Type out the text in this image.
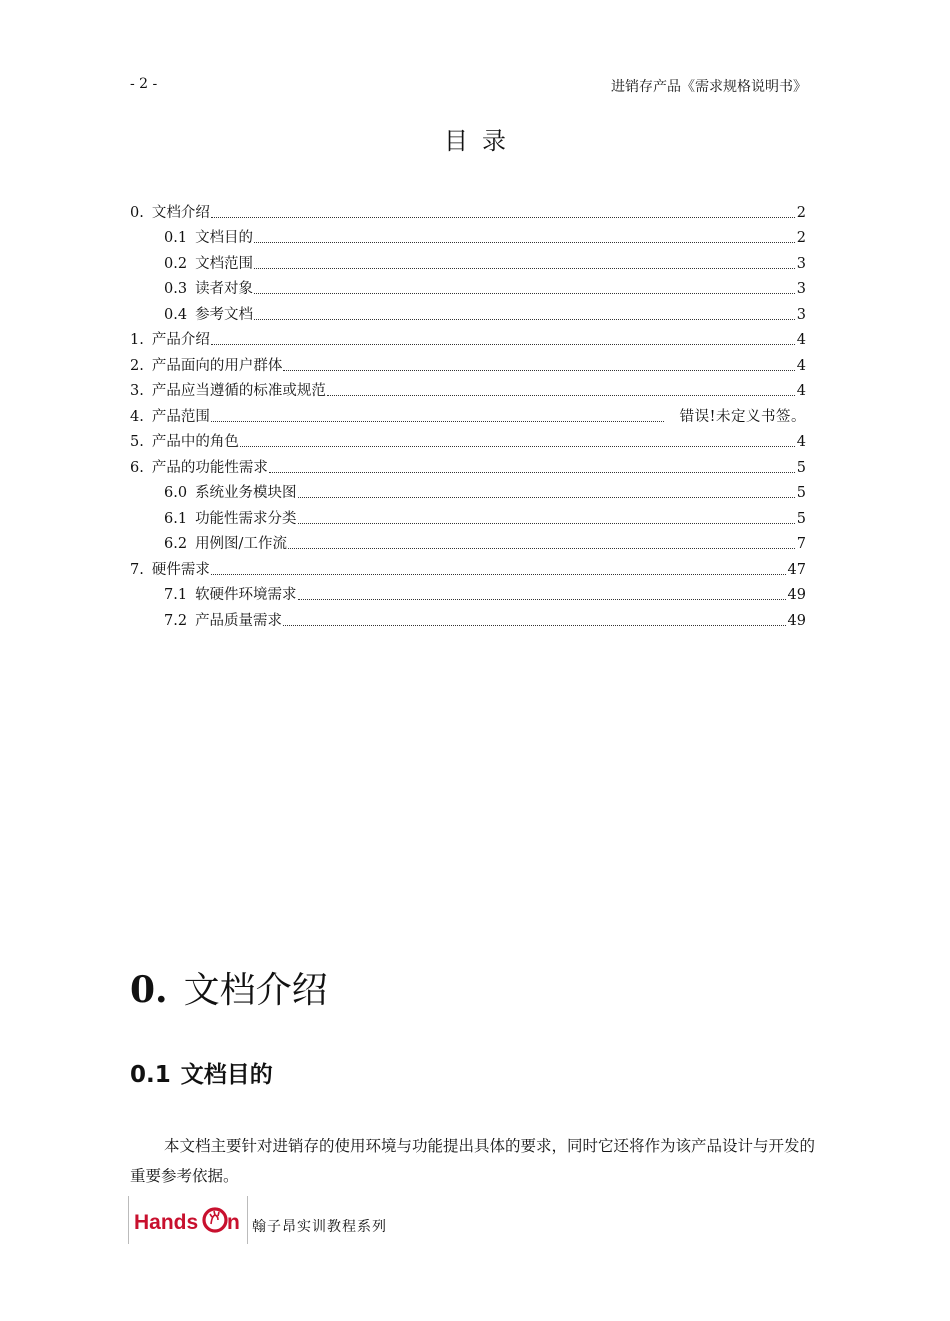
- 2 -	进销存产品《需求规格说明书》
目录
0. 文档介绍	2
0.1 文档目的	2
0.2 文档范围	3
0.3 读者对象	3
0.4 参考文档	3
1. 产品介绍	4
2. 产品面向的用户群体	4
3. 产品应当遵循的标准或规范	4
4. 产品范围	错误!未定义书签。
5. 产品中的角色	4
6. 产品的功能性需求	5
6.0 系统业务模块图	5
6.1 功能性需求分类	5
6.2 用例图/工作流	7
7. 硬件需求	47
7.1 软硬件环境需求	49
7.2 产品质量需求	49
0. 文档介绍
0.1 文档目的
本文档主要针对进销存的使用环境与功能提出具体的要求，同时它还将作为该产品设计与开发的重要参考依据。
Hands n 翰子昂实训教程系列
